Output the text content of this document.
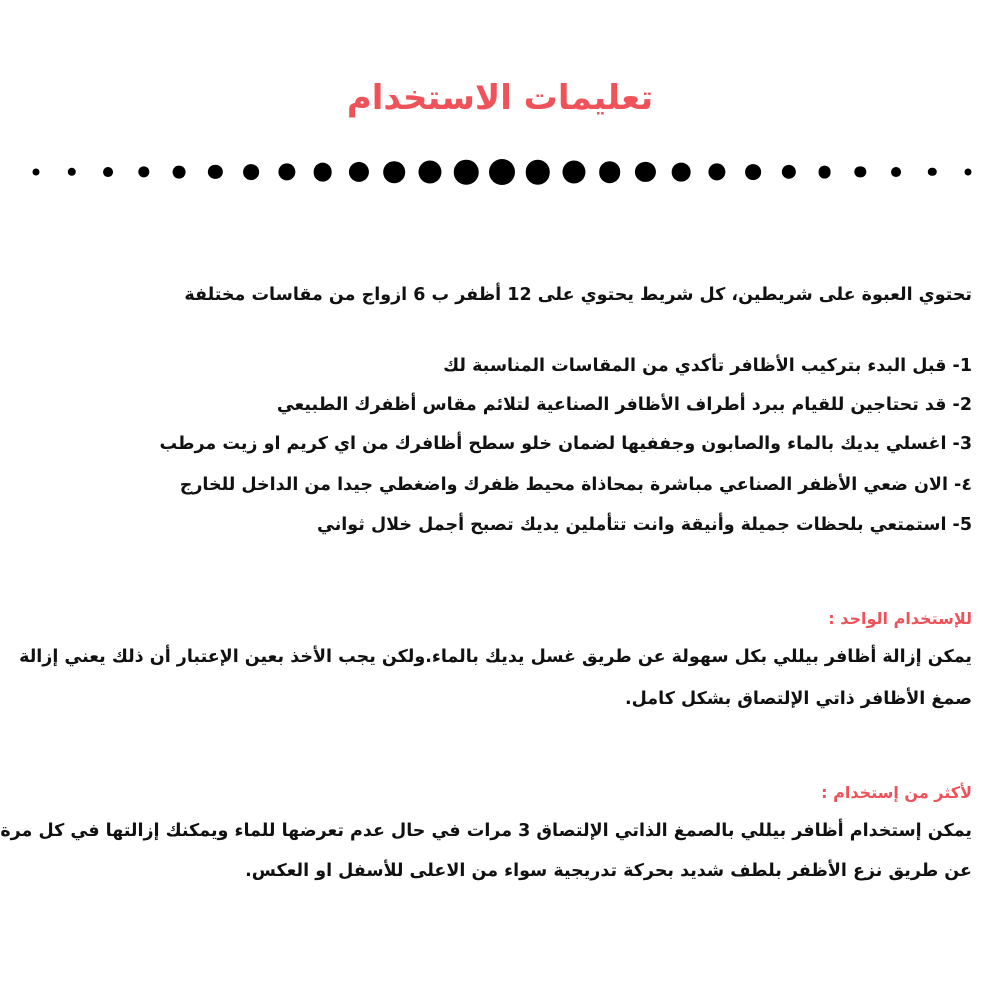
تعليمات الاستخدام

تحتوي العبوة على شريطين، كل شريط يحتوي على 12 أظفر ب 6 ازواج من مقاسات مختلفة

1- قبل البدء بتركيب الأظافر تأكدي من المقاسات المناسبة لك

2- قد تحتاجين للقيام ببرد أطراف الأظافر الصناعية لتلائم مقاس أظفرك الطبيعي

3- اغسلي يديك بالماء والصابون وجففيها لضمان خلو سطح أظافرك من اي كريم او زيت مرطب

٤- الان ضعي الأظفر الصناعي مباشرة بمحاذاة محيط ظفرك واضغطي جيدا من الداخل للخارج

5- استمتعي بلحظات جميلة وأنيقة وانت تتأملين يديك تصبح أجمل خلال ثواني

للإستخدام الواحد :

يمكن إزالة أظافر بيللي بكل سهولة عن طريق غسل يديك بالماء.ولكن يجب الأخذ بعين الإعتبار أن ذلك يعني إزالة

صمغ الأظافر ذاتي الإلتصاق بشكل كامل.

لأكثر من إستخدام :

يمكن إستخدام أظافر بيللي بالصمغ الذاتي الإلتصاق 3 مرات في حال عدم تعرضها للماء ويمكنك إزالتها في كل مرة

عن طريق نزع الأظفر بلطف شديد بحركة تدريجية سواء من الاعلى للأسفل او العكس.
